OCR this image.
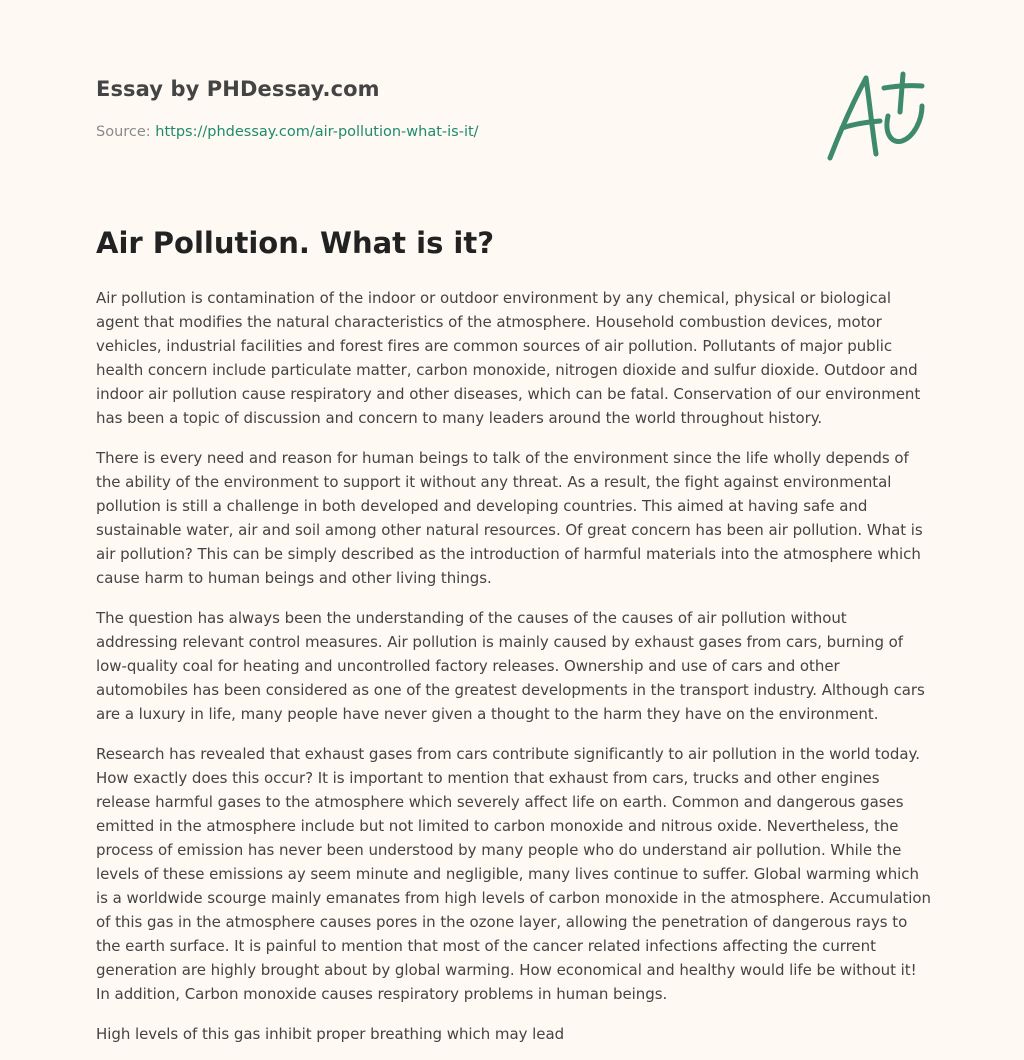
Essay by PHDessay.com
Source: https://phdessay.com/air-pollution-what-is-it/
Air Pollution. What is it?

Air pollution is contamination of the indoor or outdoor environment by any chemical, physical or biological agent that modifies the natural characteristics of the atmosphere. Household combustion devices, motor vehicles, industrial facilities and forest fires are common sources of air pollution. Pollutants of major public health concern include particulate matter, carbon monoxide, nitrogen dioxide and sulfur dioxide. Outdoor and indoor air pollution cause respiratory and other diseases, which can be fatal. Conservation of our environment has been a topic of discussion and concern to many leaders around the world throughout history.

There is every need and reason for human beings to talk of the environment since the life wholly depends of the ability of the environment to support it without any threat. As a result, the fight against environmental pollution is still a challenge in both developed and developing countries. This aimed at having safe and sustainable water, air and soil among other natural resources. Of great concern has been air pollution. What is air pollution? This can be simply described as the introduction of harmful materials into the atmosphere which cause harm to human beings and other living things.

The question has always been the understanding of the causes of the causes of air pollution without addressing relevant control measures. Air pollution is mainly caused by exhaust gases from cars, burning of low-quality coal for heating and uncontrolled factory releases. Ownership and use of cars and other automobiles has been considered as one of the greatest developments in the transport industry. Although cars are a luxury in life, many people have never given a thought to the harm they have on the environment.

Research has revealed that exhaust gases from cars contribute significantly to air pollution in the world today. How exactly does this occur? It is important to mention that exhaust from cars, trucks and other engines release harmful gases to the atmosphere which severely affect life on earth. Common and dangerous gases emitted in the atmosphere include but not limited to carbon monoxide and nitrous oxide. Nevertheless, the process of emission has never been understood by many people who do understand air pollution. While the levels of these emissions ay seem minute and negligible, many lives continue to suffer. Global warming which is a worldwide scourge mainly emanates from high levels of carbon monoxide in the atmosphere. Accumulation of this gas in the atmosphere causes pores in the ozone layer, allowing the penetration of dangerous rays to the earth surface. It is painful to mention that most of the cancer related infections affecting the current generation are highly brought about by global warming. How economical and healthy would life be without it! In addition, Carbon monoxide causes respiratory problems in human beings.

High levels of this gas inhibit proper breathing which may lead
